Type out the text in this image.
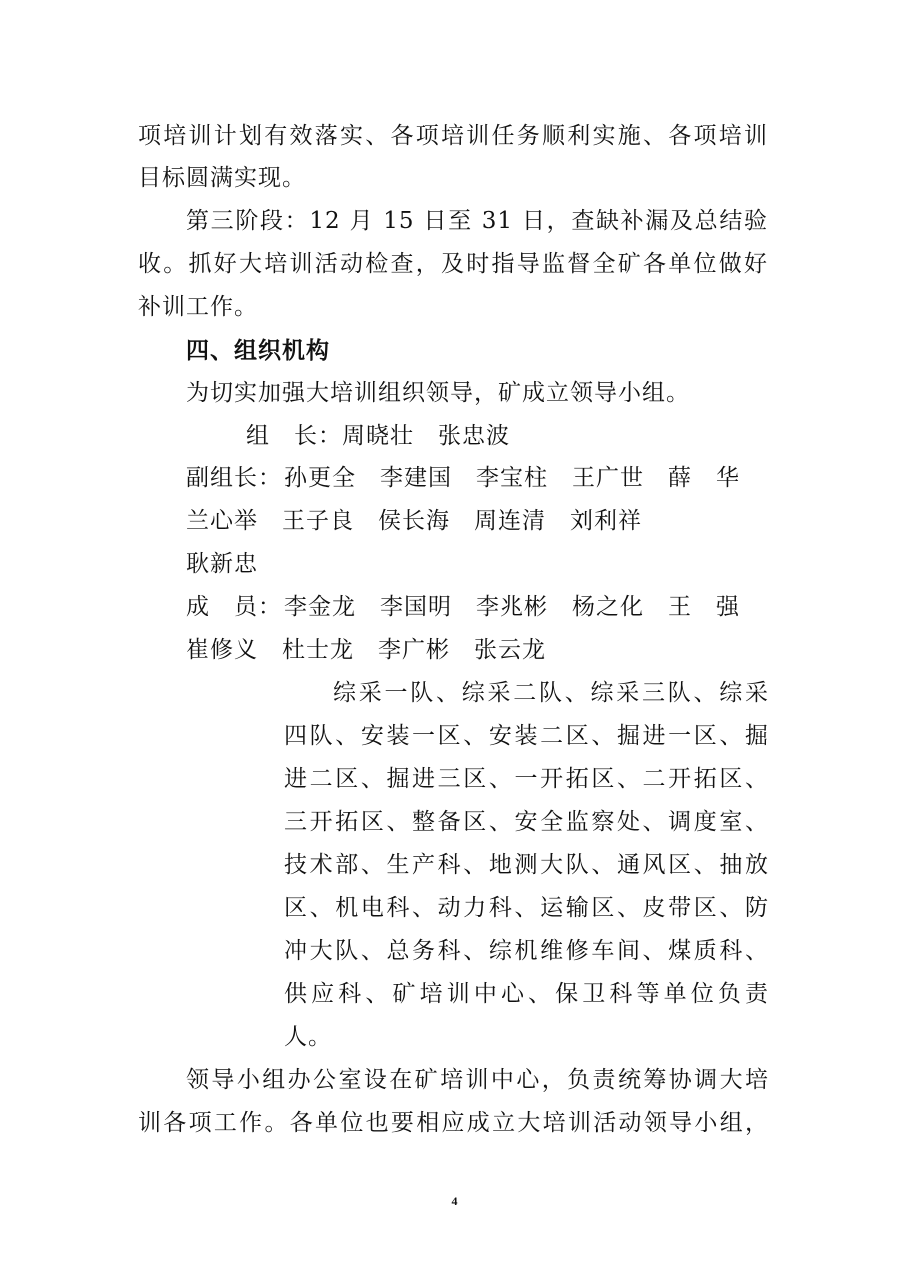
项培训计划有效落实、各项培训任务顺利实施、各项培训
目标圆满实现。
第三阶段：12 月 15 日至 31 日，查缺补漏及总结验
收。抓好大培训活动检查，及时指导监督全矿各单位做好
补训工作。
四、组织机构
为切实加强大培训组织领导，矿成立领导小组。
组　长： 周晓壮　张忠波
副组长： 孙更全　李建国　李宝柱　王广世　薛　华
兰心举　王子良　侯长海　周连清　刘利祥
耿新忠
成　员： 李金龙　李国明　李兆彬　杨之化　王　强
崔修义　杜士龙　李广彬　张云龙
综采一队、综采二队、综采三队、综采
四队、安装一区、安装二区、掘进一区、掘
进二区、掘进三区、一开拓区、二开拓区、
三开拓区、整备区、安全监察处、调度室、
技术部、生产科、地测大队、通风区、抽放
区、机电科、动力科、运输区、皮带区、防
冲大队、总务科、综机维修车间、煤质科、
供应科、矿培训中心、保卫科等单位负责
人。
领导小组办公室设在矿培训中心，负责统筹协调大培
训各项工作。各单位也要相应成立大培训活动领导小组，
4
